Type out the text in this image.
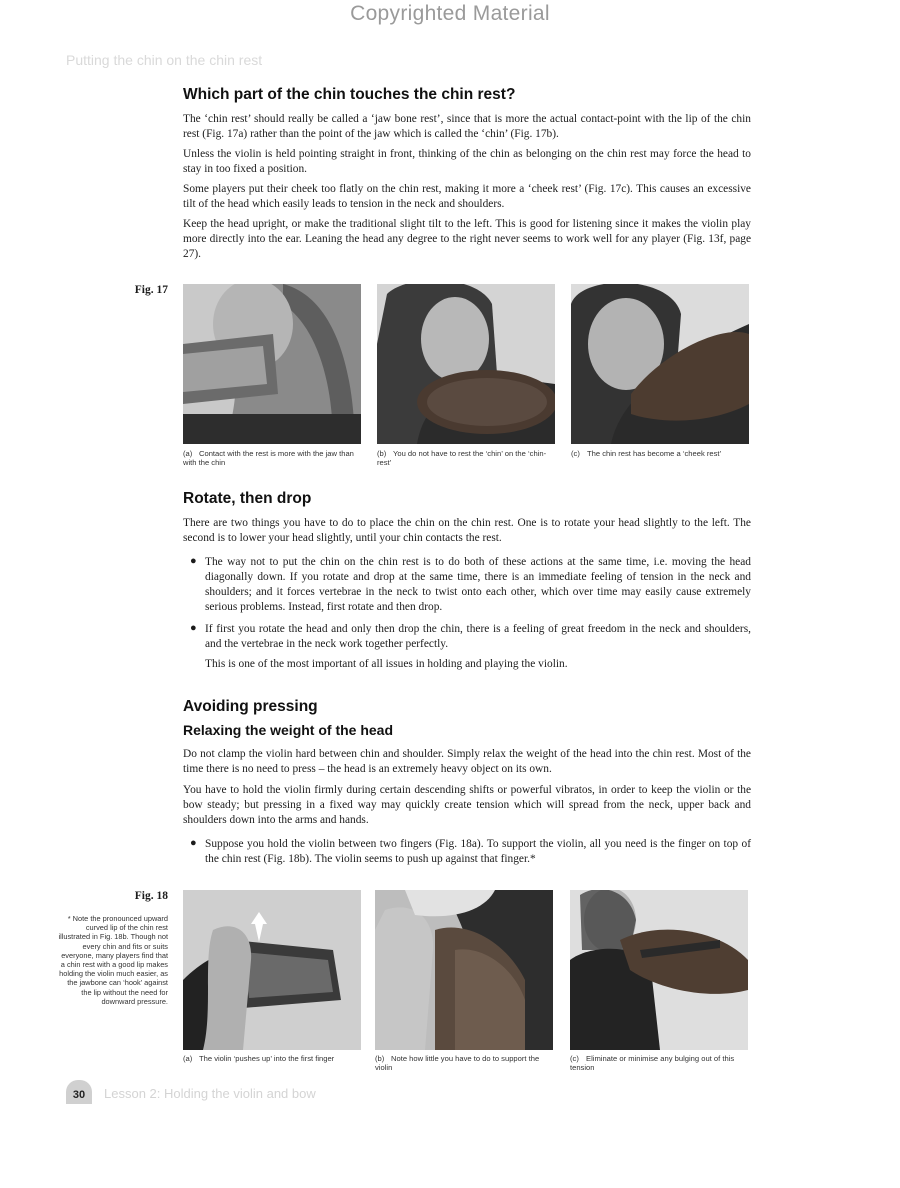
Copyrighted Material
Putting the chin on the chin rest
Which part of the chin touches the chin rest?

The ‘chin rest’ should really be called a ‘jaw bone rest’, since that is more the actual contact-point with the lip of the chin rest (Fig. 17a) rather than the point of the jaw which is called the ‘chin’ (Fig. 17b).

Unless the violin is held pointing straight in front, thinking of the chin as belonging on the chin rest may force the head to stay in too fixed a position.

Some players put their cheek too flatly on the chin rest, making it more a ‘cheek rest’ (Fig. 17c). This causes an excessive tilt of the head which easily leads to tension in the neck and shoulders.

Keep the head upright, or make the traditional slight tilt to the left. This is good for listening since it makes the violin play more directly into the ear. Leaning the head any degree to the right never seems to work well for any player (Fig. 13f, page 27).

Fig. 17
(a) Contact with the rest is more with the jaw than with the chin
(b) You do not have to rest the ‘chin’ on the ‘chin-rest’
(c) The chin rest has become a ‘cheek rest’
Rotate, then drop

There are two things you have to do to place the chin on the chin rest. One is to rotate your head slightly to the left. The second is to lower your head slightly, until your chin contacts the rest.

● The way not to put the chin on the chin rest is to do both of these actions at the same time, i.e. moving the head diagonally down. If you rotate and drop at the same time, there is an immediate feeling of tension in the neck and shoulders; and it forces vertebrae in the neck to twist onto each other, which over time may easily cause extremely serious problems. Instead, first rotate and then drop.

● If first you rotate the head and only then drop the chin, there is a feeling of great freedom in the neck and shoulders, and the vertebrae in the neck work together perfectly.

This is one of the most important of all issues in holding and playing the violin.

Avoiding pressing
Relaxing the weight of the head

Do not clamp the violin hard between chin and shoulder. Simply relax the weight of the head into the chin rest. Most of the time there is no need to press – the head is an extremely heavy object on its own.

You have to hold the violin firmly during certain descending shifts or powerful vibratos, in order to keep the violin or the bow steady; but pressing in a fixed way may quickly create tension which will spread from the neck, upper back and shoulders down into the arms and hands.

● Suppose you hold the violin between two fingers (Fig. 18a). To support the violin, all you need is the finger on top of the chin rest (Fig. 18b). The violin seems to push up against that finger.*

Fig. 18
* Note the pronounced upward curved lip of the chin rest illustrated in Fig. 18b. Though not every chin and fits or suits everyone, many players find that a chin rest with a good lip makes holding the violin much easier, as the jawbone can ‘hook’ against the lip without the need for downward pressure.
(a) The violin ‘pushes up’ into the first finger	(b) Note how little you have to do to support the violin
(c) Eliminate or minimise any bulging out of this tension
30	Lesson 2: Holding the violin and bow
